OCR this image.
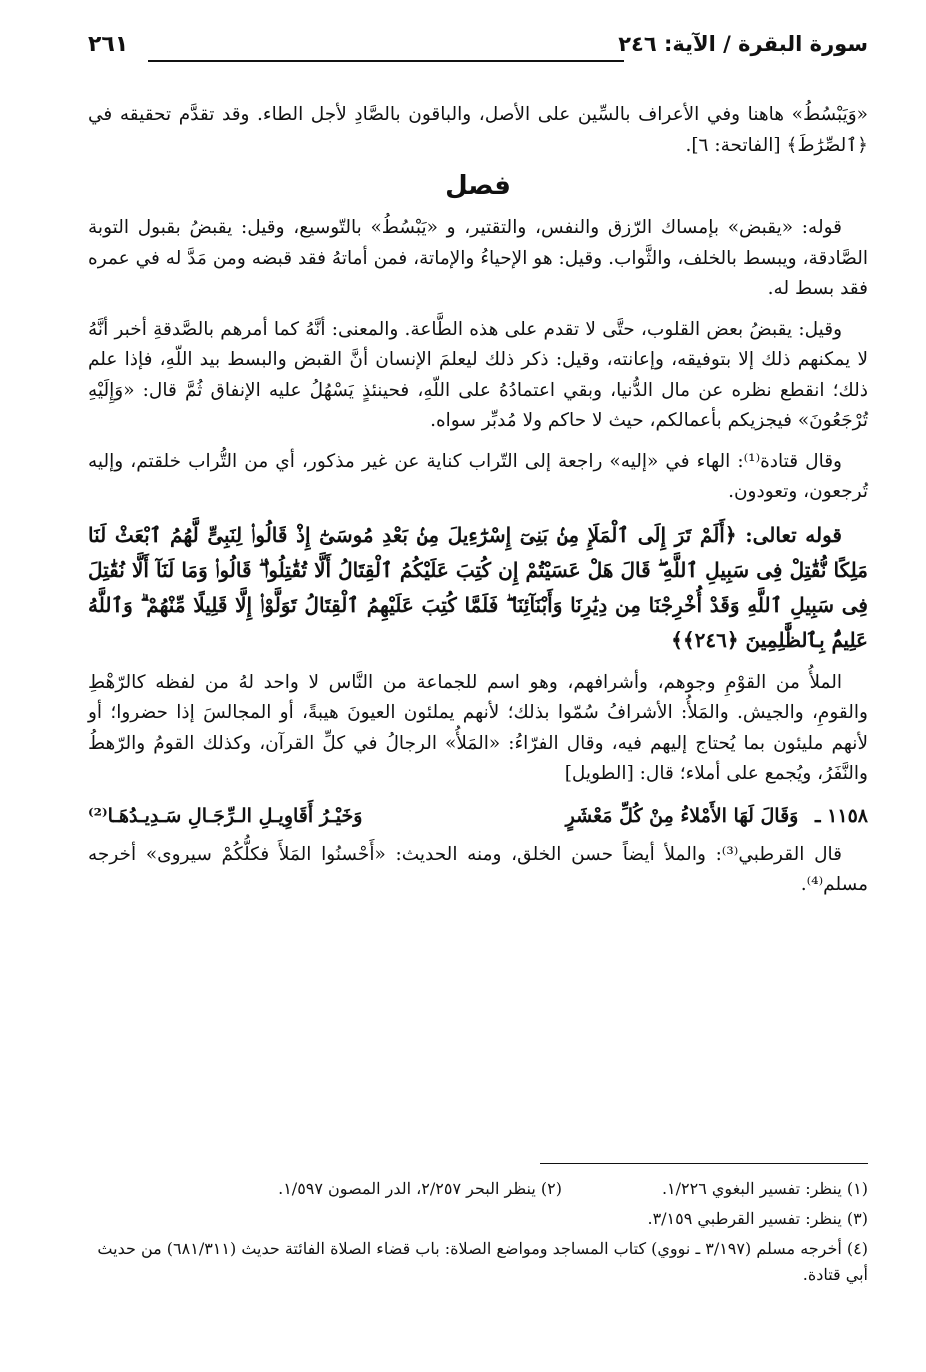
سورة البقرة / الآية: ٢٤٦
٢٦١

«وَيَبْسُطُ» هاهنا وفي الأعراف بالسِّين على الأصل، والباقون بالصَّادِ لأجل الطاء. وقد تقدَّم تحقيقه في ﴿ٱلصِّرَٰطَ﴾ [الفاتحة: ٦].

فصل

قوله: «يقبض» بإمساك الرّزق والنفس، والتقتير، و «يَبْسُطُ» بالتّوسيع، وقيل: يقبضُ بقبول التوبة الصَّادقة، ويبسط بالخلف، والثَّواب. وقيل: هو الإحياءُ والإماتة، فمن أماتهُ فقد قبضه ومن مَدَّ له في عمره فقد بسط له.

وقيل: يقبضُ بعض القلوب، حتَّى لا تقدم على هذه الطَّاعة. والمعنى: أنَّهُ كما أمرهم بالصَّدقةِ أخبر أنَّهُ لا يمكنهم ذلك إلا بتوفيقه، وإعانته، وقيل: ذكر ذلك ليعلمَ الإنسان أنَّ القبض والبسط بيد اللّهِ، فإذا علم ذلك؛ انقطع نظره عن مال الدُّنيا، وبقي اعتمادُهُ على اللّهِ، فحينئذٍ يَسْهُلُ عليه الإنفاق ثُمَّ قال: «وَإِلَيْهِ تُرْجَعُونَ» فيجزيكم بأعمالكم، حيث لا حاكم ولا مُدبِّر سواه.

وقال قتادة⁽¹⁾: الهاء في «إليه» راجعة إلى التّراب كناية عن غير مذكور، أي من التُّراب خلقتم، وإليه تُرجعون، وتعودون.

قوله تعالى: ﴿أَلَمْ تَرَ إِلَى ٱلْمَلَإِ مِنۢ بَنِىٓ إِسْرَٰٓءِيلَ مِنۢ بَعْدِ مُوسَىٰٓ إِذْ قَالُوا۟ لِنَبِىٍّ لَّهُمُ ٱبْعَثْ لَنَا مَلِكًا نُّقَٰتِلْ فِى سَبِيلِ ٱللَّهِ ۖ قَالَ هَلْ عَسَيْتُمْ إِن كُتِبَ عَلَيْكُمُ ٱلْقِتَالُ أَلَّا تُقَٰتِلُوا۟ ۖ قَالُوا۟ وَمَا لَنَآ أَلَّا نُقَٰتِلَ فِى سَبِيلِ ٱللَّهِ وَقَدْ أُخْرِجْنَا مِن دِيَٰرِنَا وَأَبْنَآئِنَا ۖ فَلَمَّا كُتِبَ عَلَيْهِمُ ٱلْقِتَالُ تَوَلَّوْا۟ إِلَّا قَلِيلًا مِّنْهُمْ ۗ وَٱللَّهُ عَلِيمٌۢ بِٱلظَّٰلِمِينَ ﴿٢٤٦﴾﴾

الملأُ من القوْمِ وجوهم، وأشرافهم، وهو اسم للجماعة من النَّاس لا واحد لهُ من لفظه كالرّهْطِ والقومِ، والجيش. والمَلأُ: الأشرافُ سُمّوا بذلك؛ لأنهم يملئون العيونَ هيبةً، أو المجالسَ إذا حضروا؛ أو لأنهم مليئون بما يُحتاج إليهم فيه، وقال الفرّاءُ: «المَلأُ» الرجالُ في كلِّ القرآن، وكذلك القومُ والرّهطُ والنَّفَرُ، ويُجمع على أملاء؛ قال: [الطويل]

١١٥٨ ـ وَقَالَ لَهَا الأَمْلاءُ مِنْ كُلِّ مَعْشَرٍ
وَخَيْـرُ أَقَاوِيـلِ الـرِّجَـالِ سَـدِيـدُهَـا⁽²⁾

قال القرطبي⁽³⁾: والملأ أيضاً حسن الخلق، ومنه الحديث: «أَحْسنُوا المَلأَ فكلُّكُمْ سيروى» أخرجه مسلم⁽⁴⁾.

(١) ينظر: تفسير البغوي ١/٢٢٦.
(٢) ينظر البحر ٢/٢٥٧، الدر المصون ١/٥٩٧.
(٣) ينظر: تفسير القرطبي ٣/١٥٩.
(٤) أخرجه مسلم (٣/١٩٧ ـ نووي) كتاب المساجد ومواضع الصلاة: باب قضاء الصلاة الفائتة حديث (٦٨١/٣١١) من حديث أبي قتادة.
